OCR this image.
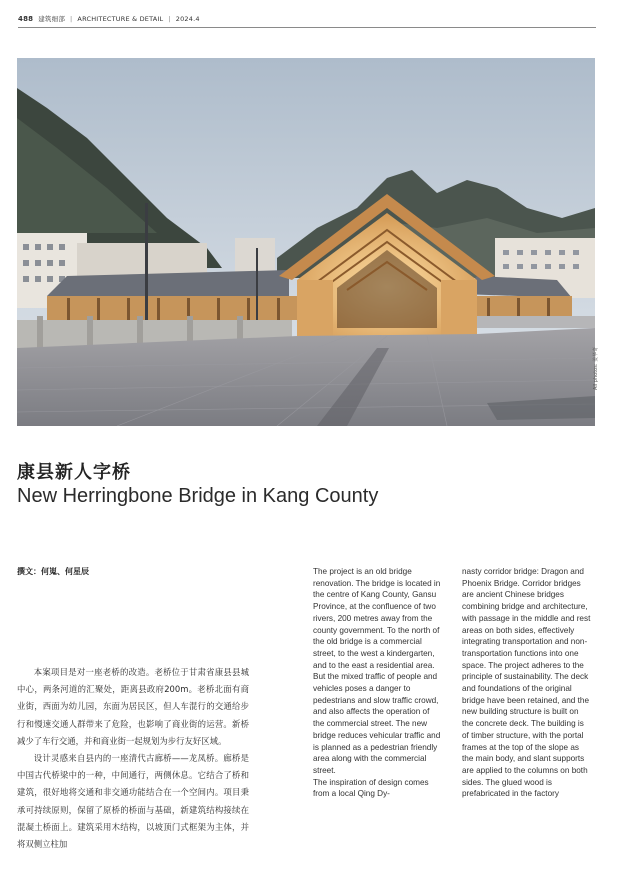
488 建筑细部 | ARCHITECTURE & DETAIL | 2024.4
All photos: 姜华奇
康县新人字桥
New Herringbone Bridge in Kang County
撰文：何嵬、何星辰

本案项目是对一座老桥的改造。老桥位于甘肃省康县县城中心，两条河道的汇聚处，距离县政府200m。老桥北面有商业街，西面为幼儿园，东面为居民区，但人车混行的交通给步行和慢速交通人群带来了危险，也影响了商业街的运营。新桥减少了车行交通，并和商业街一起规划为步行友好区域。

设计灵感来自县内的一座清代古廊桥——龙凤桥。廊桥是中国古代桥梁中的一种，中间通行，两侧休息。它结合了桥和建筑，很好地将交通和非交通功能结合在一个空间内。项目秉承可持续原则，保留了原桥的桥面与基础，新建筑结构接续在混凝土桥面上。建筑采用木结构，以坡顶门式框架为主体，并将双侧立柱加

The project is an old bridge renovation. The bridge is located in the centre of Kang County, Gansu Province, at the confluence of two rivers, 200 metres away from the county government. To the north of the old bridge is a commercial street, to the west a kindergarten, and to the east a residential area. But the mixed traffic of people and vehicles poses a danger to pedestrians and slow traffic crowd, and also affects the operation of the commercial street. The new bridge reduces vehicular traffic and is planned as a pedestrian friendly area along with the commercial street.
The inspiration of design comes from a local Qing Dy-

nasty corridor bridge: Dragon and Phoenix Bridge. Corridor bridges are ancient Chinese bridges combining bridge and architecture, with passage in the middle and rest areas on both sides, effectively integrating transportation and non-transportation functions into one space. The project adheres to the principle of sustainability. The deck and foundations of the original bridge have been retained, and the new building structure is built on the concrete deck. The building is of timber structure, with the portal frames at the top of the slope as the main body, and slant supports are applied to the columns on both sides. The glued wood is prefabricated in the factory
